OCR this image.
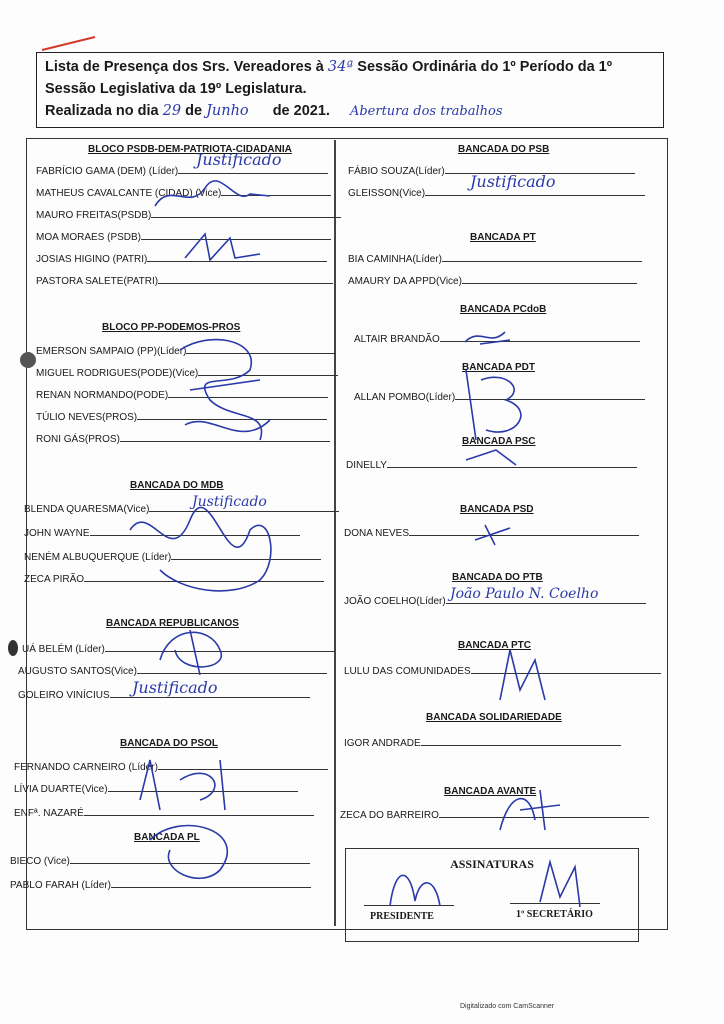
Lista de Presença dos Srs. Vereadores à 34ª Sessão Ordinária do 1º Período da 1º
Sessão Legislativa da 19º Legislatura.
Realizada no dia 29 de Junho de 2021. Abertura dos trabalhos
BLOCO PSDB-DEM-PATRIOTA-CIDADANIA
FABRÍCIO GAMA (DEM) (Líder)
MATHEUS CAVALCANTE (CIDAD) (Vice)
MAURO FREITAS(PSDB)
MOA MORAES (PSDB)
JOSIAS HIGINO (PATRI)
PASTORA SALETE(PATRI)
BLOCO PP-PODEMOS-PROS
EMERSON SAMPAIO (PP)(Líder)
MIGUEL RODRIGUES(PODE)(Vice)
RENAN NORMANDO(PODE)
TÚLIO NEVES(PROS)
RONI GÁS(PROS)
BANCADA DO MDB
BLENDA QUARESMA(Vice)
JOHN WAYNE
NENÉM ALBUQUERQUE (Líder)
ZECA PIRÃO
BANCADA REPUBLICANOS
UÁ BELÉM (Líder)
AUGUSTO SANTOS(Vice)
GOLEIRO VINÍCIUS
BANCADA DO PSOL
FERNANDO CARNEIRO (Líder)
LÍVIA DUARTE(Vice)
ENFª. NAZARÉ
BANCADA PL
BIECO (Vice)
PABLO FARAH (Líder)
BANCADA DO PSB
FÁBIO SOUZA(Líder)
GLEISSON(Vice)
BANCADA PT
BIA CAMINHA(Líder)
AMAURY DA APPD(Vice)
BANCADA PCdoB
ALTAIR BRANDÃO
BANCADA PDT
ALLAN POMBO(Líder)
BANCADA PSC
DINELLY
BANCADA PSD
DONA NEVES
BANCADA DO PTB
JOÃO COELHO(Líder)
BANCADA PTC
LULU DAS COMUNIDADES
BANCADA SOLIDARIEDADE
IGOR ANDRADE
BANCADA AVANTE
ZECA DO BARREIRO
ASSINATURAS
PRESIDENTE	1º SECRETÁRIO
Justificado
Justificado
Justificado
Justificado
João Paulo N. Coelho
Digitalizado com CamScanner
